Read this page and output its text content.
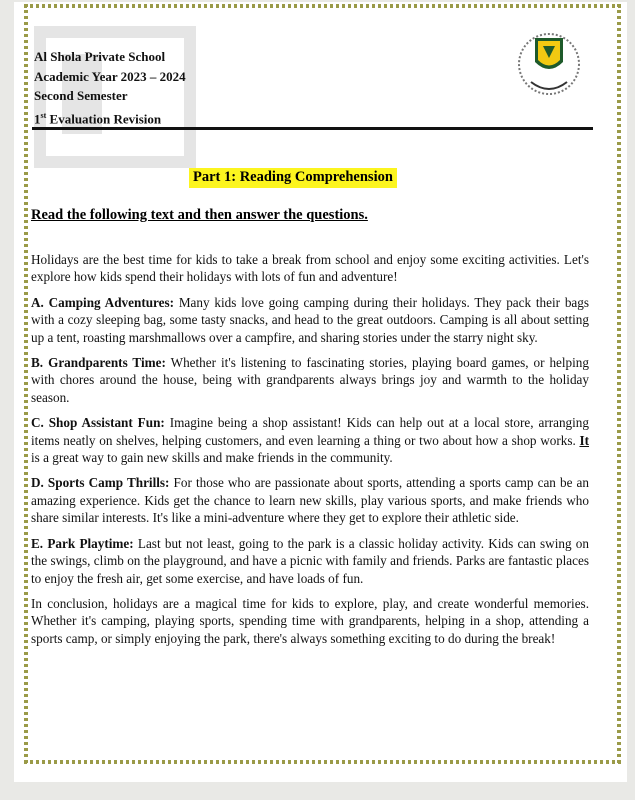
Al Shola Private School
Academic Year 2023 – 2024
Second Semester
1st Evaluation Revision
Part 1: Reading Comprehension
Read the following text and then answer the questions.

Holidays are the best time for kids to take a break from school and enjoy some exciting activities. Let's explore how kids spend their holidays with lots of fun and adventure!

A. Camping Adventures: Many kids love going camping during their holidays. They pack their bags with a cozy sleeping bag, some tasty snacks, and head to the great outdoors. Camping is all about setting up a tent, roasting marshmallows over a campfire, and sharing stories under the starry night sky.

B. Grandparents Time: Whether it's listening to fascinating stories, playing board games, or helping with chores around the house, being with grandparents always brings joy and warmth to the holiday season.

C. Shop Assistant Fun: Imagine being a shop assistant! Kids can help out at a local store, arranging items neatly on shelves, helping customers, and even learning a thing or two about how a shop works. It is a great way to gain new skills and make friends in the community.

D. Sports Camp Thrills: For those who are passionate about sports, attending a sports camp can be an amazing experience. Kids get the chance to learn new skills, play various sports, and make friends who share similar interests. It's like a mini-adventure where they get to explore their athletic side.

E. Park Playtime: Last but not least, going to the park is a classic holiday activity. Kids can swing on the swings, climb on the playground, and have a picnic with family and friends. Parks are fantastic places to enjoy the fresh air, get some exercise, and have loads of fun.

In conclusion, holidays are a magical time for kids to explore, play, and create wonderful memories. Whether it's camping, playing sports, spending time with grandparents, helping in a shop, attending a sports camp, or simply enjoying the park, there's always something exciting to do during the break!
